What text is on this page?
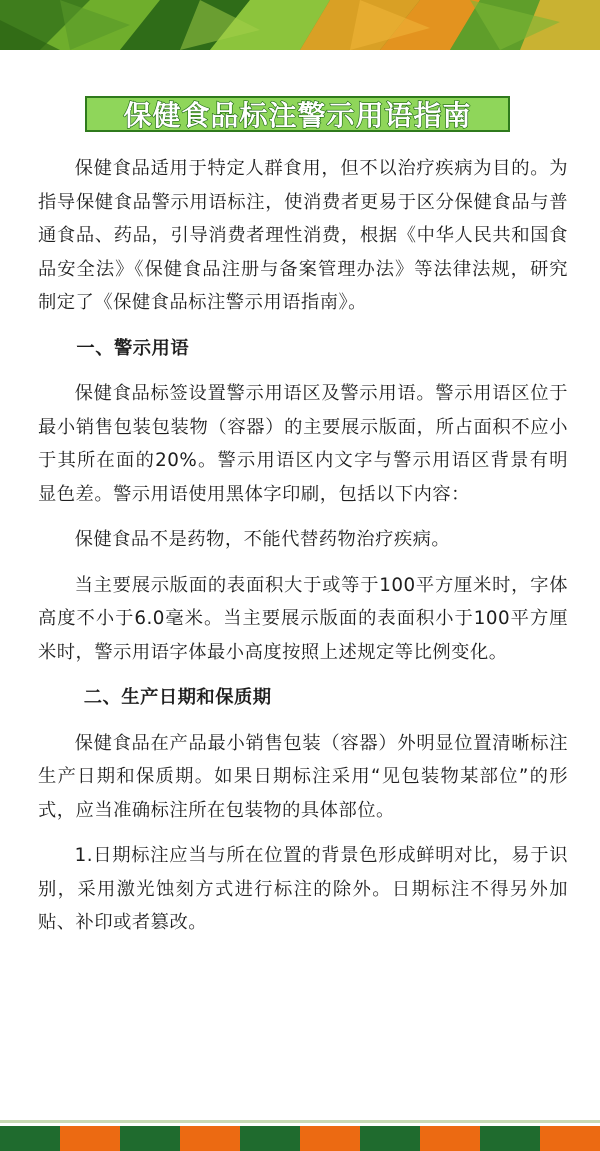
保健食品标注警示用语指南

保健食品适用于特定人群食用，但不以治疗疾病为目的。为指导保健食品警示用语标注，使消费者更易于区分保健食品与普通食品、药品，引导消费者理性消费，根据《中华人民共和国食品安全法》《保健食品注册与备案管理办法》等法律法规，研究制定了《保健食品标注警示用语指南》。

一、警示用语

保健食品标签设置警示用语区及警示用语。警示用语区位于最小销售包装包装物（容器）的主要展示版面，所占面积不应小于其所在面的20%。警示用语区内文字与警示用语区背景有明显色差。警示用语使用黑体字印刷，包括以下内容：

保健食品不是药物，不能代替药物治疗疾病。

当主要展示版面的表面积大于或等于100平方厘米时，字体高度不小于6.0毫米。当主要展示版面的表面积小于100平方厘米时，警示用语字体最小高度按照上述规定等比例变化。

二、生产日期和保质期

保健食品在产品最小销售包装（容器）外明显位置清晰标注生产日期和保质期。如果日期标注采用“见包装物某部位”的形式，应当准确标注所在包装物的具体部位。

1.日期标注应当与所在位置的背景色形成鲜明对比，易于识别，采用激光蚀刻方式进行标注的除外。日期标注不得另外加贴、补印或者篡改。
